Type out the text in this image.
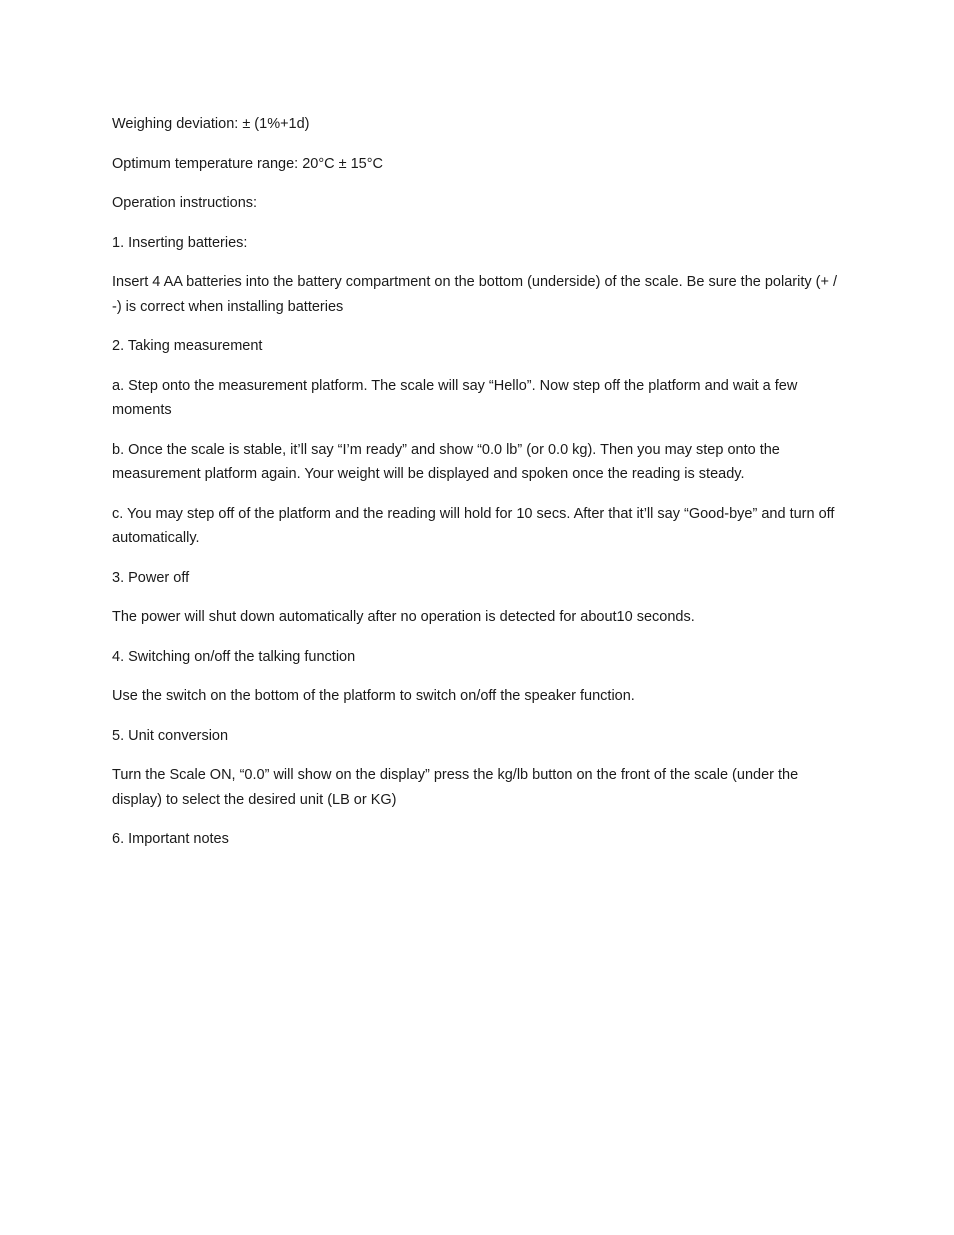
Weighing deviation: ± (1%+1d)

Optimum temperature range: 20°C ± 15°C

Operation instructions:

1. Inserting batteries:

Insert 4 AA batteries into the battery compartment on the bottom (underside) of the scale. Be sure the polarity (+ / -) is correct when installing batteries

2. Taking measurement

a. Step onto the measurement platform. The scale will say “Hello”. Now step off the platform and wait a few moments

b. Once the scale is stable, it’ll say “I’m ready” and show “0.0 lb” (or 0.0 kg). Then you may step onto the measurement platform again. Your weight will be displayed and spoken once the reading is steady.

c. You may step off of the platform and the reading will hold for 10 secs. After that it’ll say “Good-bye” and turn off automatically.

3. Power off

The power will shut down automatically after no operation is detected for about10 seconds.

4. Switching on/off the talking function

Use the switch on the bottom of the platform to switch on/off the speaker function.

5. Unit conversion

Turn the Scale ON, “0.0” will show on the display” press the kg/lb button on the front of the scale (under the display) to select the desired unit (LB or KG)

6. Important notes
